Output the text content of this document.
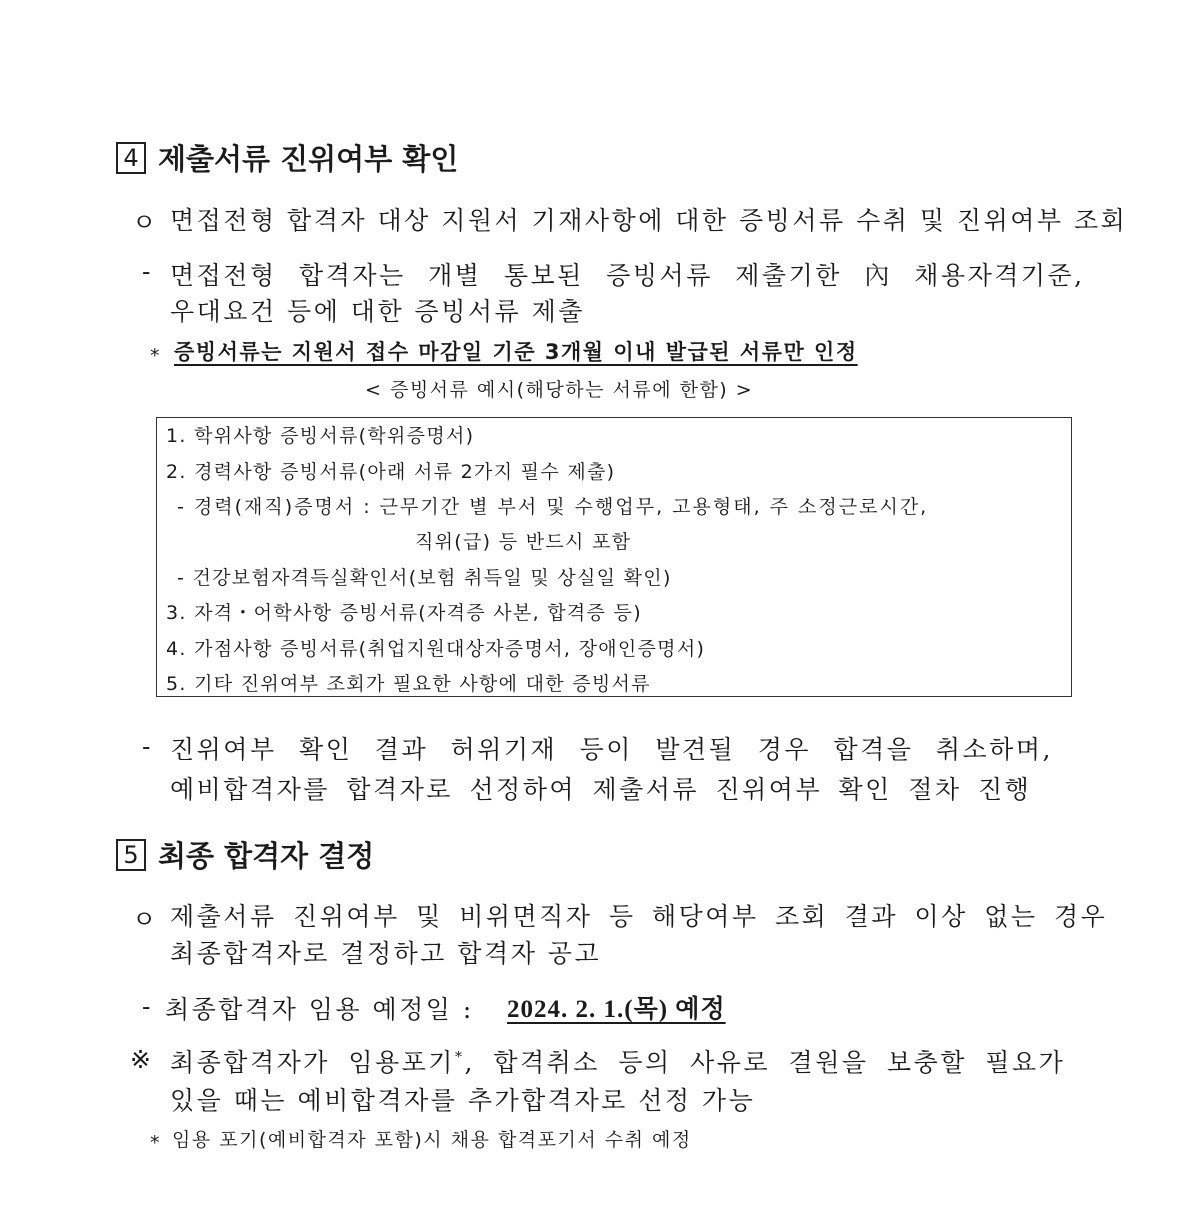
4 제출서류 진위여부 확인
ㅇ 면접전형 합격자 대상 지원서 기재사항에 대한 증빙서류 수취 및 진위여부 조회
- 면접전형 합격자는 개별 통보된 증빙서류 제출기한 內 채용자격기준,
우대요건 등에 대한 증빙서류 제출
* 증빙서류는 지원서 접수 마감일 기준 3개월 이내 발급된 서류만 인정
< 증빙서류 예시(해당하는 서류에 한함) >
1. 학위사항 증빙서류(학위증명서)
2. 경력사항 증빙서류(아래 서류 2가지 필수 제출)
- 경력(재직)증명서 : 근무기간 별 부서 및 수행업무, 고용형태, 주 소정근로시간,
직위(급) 등 반드시 포함
- 건강보험자격득실확인서(보험 취득일 및 상실일 확인)
3. 자격・어학사항 증빙서류(자격증 사본, 합격증 등)
4. 가점사항 증빙서류(취업지원대상자증명서, 장애인증명서)
5. 기타 진위여부 조회가 필요한 사항에 대한 증빙서류
- 진위여부 확인 결과 허위기재 등이 발견될 경우 합격을 취소하며,
예비합격자를 합격자로 선정하여 제출서류 진위여부 확인 절차 진행
5 최종 합격자 결정
ㅇ 제출서류 진위여부 및 비위면직자 등 해당여부 조회 결과 이상 없는 경우
최종합격자로 결정하고 합격자 공고
- 최종합격자 임용 예정일 : 2024. 2. 1.(목) 예정
※ 최종합격자가 임용포기*, 합격취소 등의 사유로 결원을 보충할 필요가
있을 때는 예비합격자를 추가합격자로 선정 가능
* 임용 포기(예비합격자 포함)시 채용 합격포기서 수취 예정
